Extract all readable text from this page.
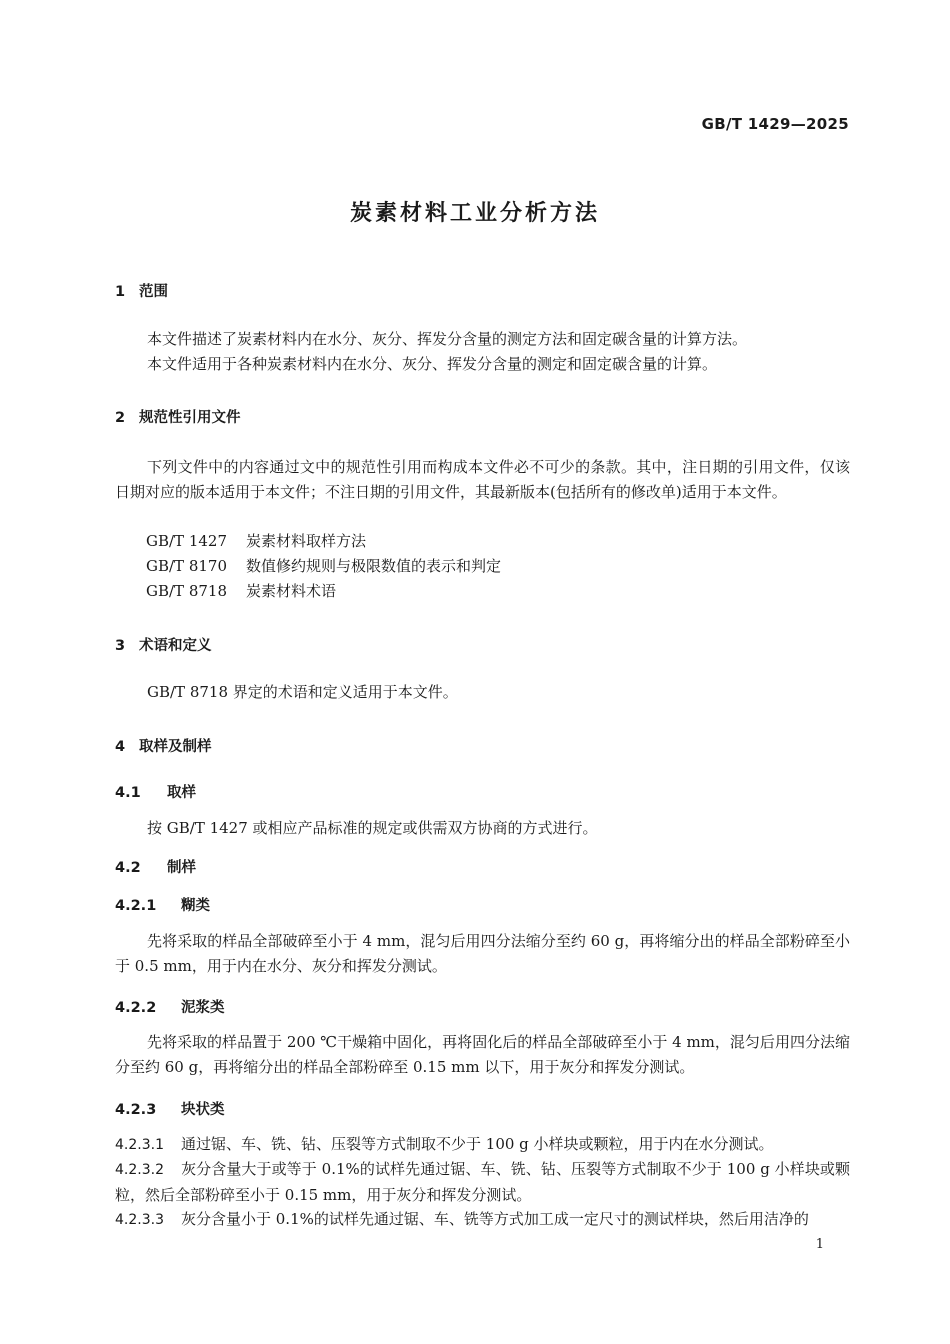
GB/T 1429—2025
炭素材料工业分析方法
1 范围
本文件描述了炭素材料内在水分、灰分、挥发分含量的测定方法和固定碳含量的计算方法。
本文件适用于各种炭素材料内在水分、灰分、挥发分含量的测定和固定碳含量的计算。
2 规范性引用文件
下列文件中的内容通过文中的规范性引用而构成本文件必不可少的条款。其中，注日期的引用文件，仅该日期对应的版本适用于本文件；不注日期的引用文件，其最新版本(包括所有的修改单)适用于本文件。
GB/T 1427 炭素材料取样方法
GB/T 8170 数值修约规则与极限数值的表示和判定
GB/T 8718 炭素材料术语
3 术语和定义
GB/T 8718 界定的术语和定义适用于本文件。
4 取样及制样
4.1 取样
按 GB/T 1427 或相应产品标准的规定或供需双方协商的方式进行。
4.2 制样
4.2.1 糊类
先将采取的样品全部破碎至小于 4 mm，混匀后用四分法缩分至约 60 g，再将缩分出的样品全部粉碎至小于 0.5 mm，用于内在水分、灰分和挥发分测试。
4.2.2 泥浆类
先将采取的样品置于 200 ℃干燥箱中固化，再将固化后的样品全部破碎至小于 4 mm，混匀后用四分法缩分至约 60 g，再将缩分出的样品全部粉碎至 0.15 mm 以下，用于灰分和挥发分测试。
4.2.3 块状类
4.2.3.1 通过锯、车、铣、钻、压裂等方式制取不少于 100 g 小样块或颗粒，用于内在水分测试。
4.2.3.2 灰分含量大于或等于 0.1%的试样先通过锯、车、铣、钻、压裂等方式制取不少于 100 g 小样块或颗粒，然后全部粉碎至小于 0.15 mm，用于灰分和挥发分测试。
4.2.3.3 灰分含量小于 0.1%的试样先通过锯、车、铣等方式加工成一定尺寸的测试样块，然后用洁净的
1
